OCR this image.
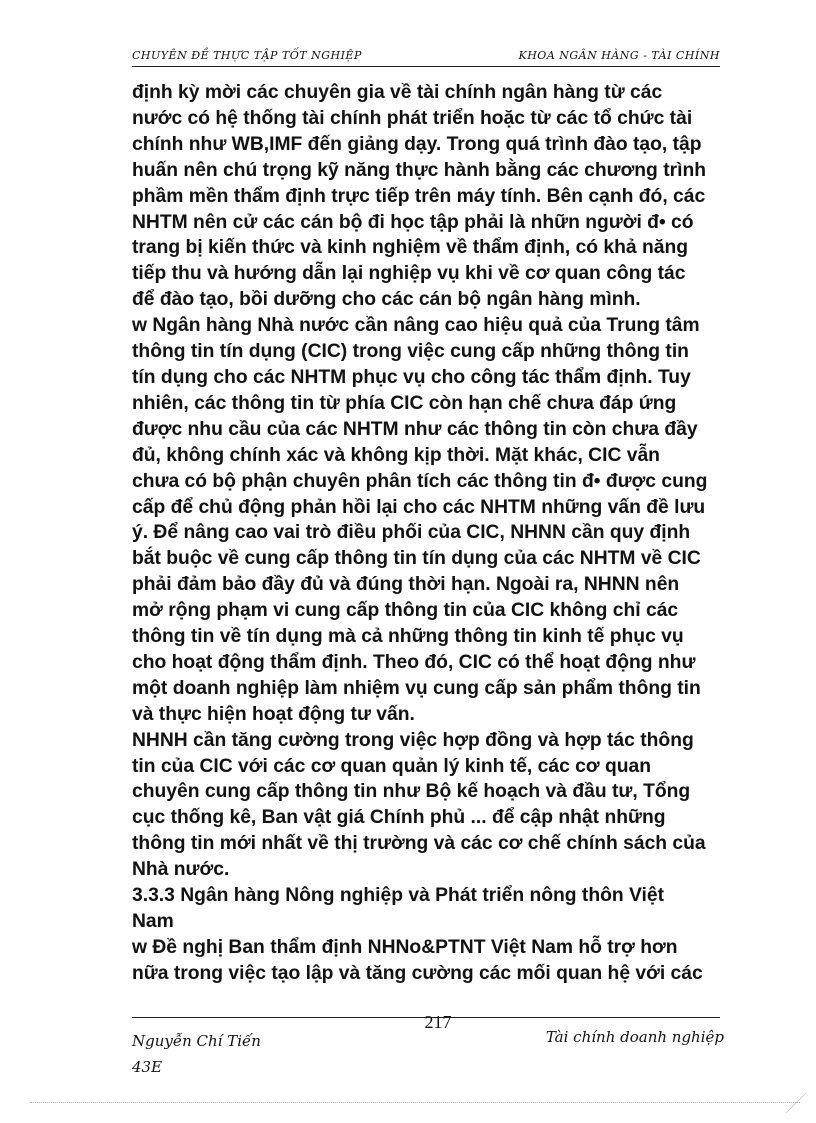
CHUYÊN ĐỀ THỰC TẬP TỐT NGHIỆP	KHOA NGÂN HÀNG - TÀI CHÍNH

định kỳ mời các chuyên gia về tài chính ngân hàng từ các

nước có hệ thống tài chính phát triển hoặc từ các tổ chức tài

chính như WB,IMF đến giảng dạy. Trong quá trình đào tạo, tập

huấn nên chú trọng kỹ năng thực hành bằng các chương trình

phầm mền thẩm định trực tiếp trên máy tính. Bên cạnh đó, các

NHTM nên cử các cán bộ đi học tập phải là nhữn người đ• có

trang bị kiến thức và kinh nghiệm về thẩm định, có khả năng

tiếp thu và hướng dẫn lại nghiệp vụ khi về cơ quan công tác

để đào tạo, bồi dưỡng cho các cán bộ ngân hàng mình.

w Ngân hàng Nhà nước cần nâng cao hiệu quả của Trung tâm

thông tin tín dụng (CIC) trong việc cung cấp những thông tin

tín dụng cho các NHTM phục vụ cho công tác thẩm định. Tuy

nhiên, các thông tin từ phía CIC còn hạn chế chưa đáp ứng

được nhu cầu của các NHTM như các thông tin còn chưa đầy

đủ, không chính xác và không kịp thời. Mặt khác, CIC vẫn

chưa có bộ phận chuyên phân tích các thông tin đ• được cung

cấp để chủ động phản hồi lại cho các NHTM những vấn đề lưu

ý. Để nâng cao vai trò điều phối của CIC, NHNN cần quy định

bắt buộc về cung cấp thông tin tín dụng của các NHTM về CIC

phải đảm bảo đầy đủ và đúng thời hạn. Ngoài ra, NHNN nên

mở rộng phạm vi cung cấp thông tin của CIC không chỉ các

thông tin về tín dụng mà cả những thông tin kinh tế phục vụ

cho hoạt động thẩm định. Theo đó, CIC có thể hoạt động như

một doanh nghiệp làm nhiệm vụ cung cấp sản phẩm thông tin

và thực hiện hoạt động tư vấn.

NHNH cần tăng cường trong việc hợp đồng và hợp tác thông

tin của CIC với các cơ quan quản lý kinh tế, các cơ quan

chuyên cung cấp thông tin như Bộ kế hoạch và đầu tư, Tổng

cục thống kê, Ban vật giá Chính phủ ... để cập nhật những

thông tin mới nhất về thị trường và các cơ chế chính sách của

Nhà nước.

3.3.3 Ngân hàng Nông nghiệp và Phát triển nông thôn Việt

Nam

w Đề nghị Ban thẩm định NHNo&PTNT Việt Nam hỗ trợ hơn

nữa trong việc tạo lập và tăng cường các mối quan hệ với các

217
Nguyễn Chí Tiến
43E
Tài chính doanh nghiệp
